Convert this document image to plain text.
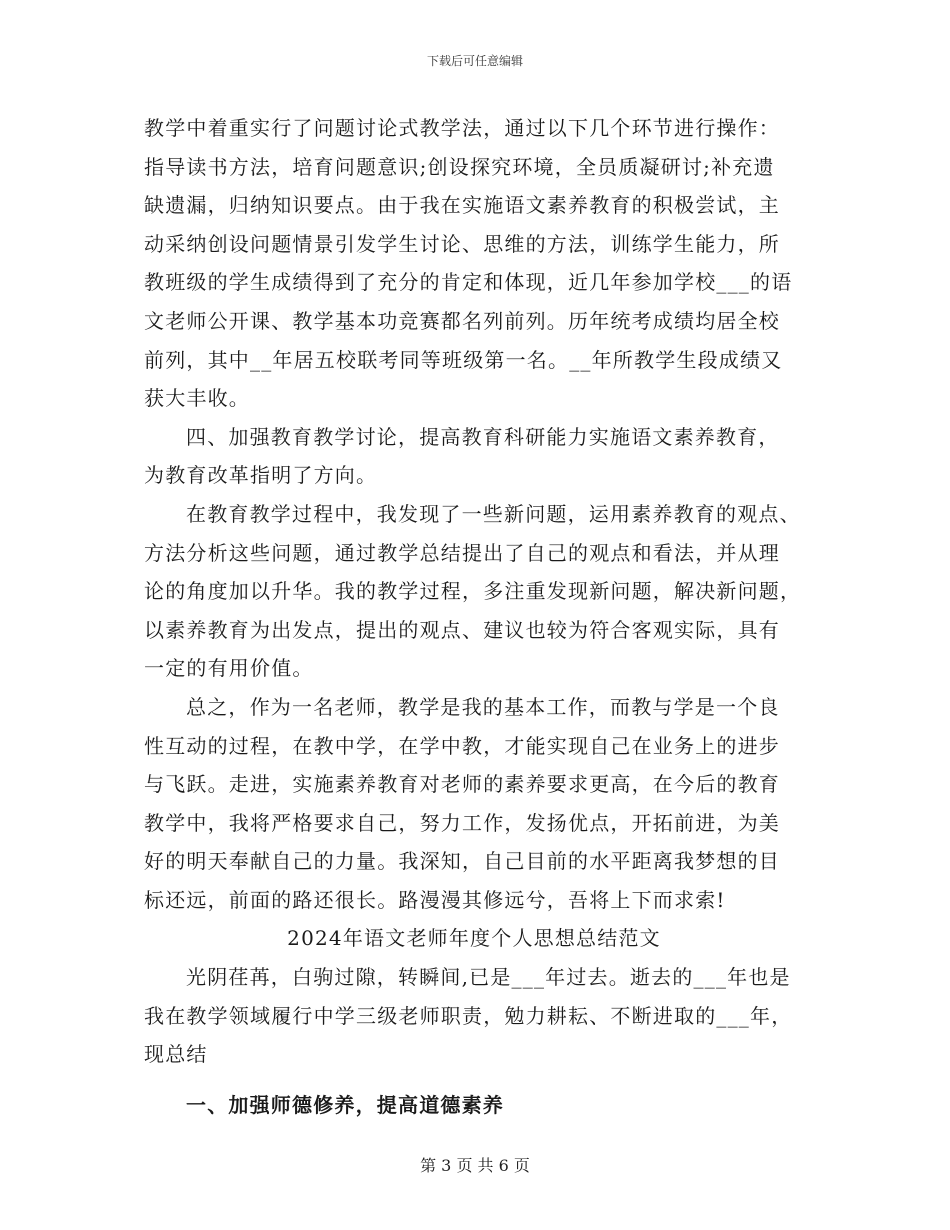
下载后可任意编辑
教学中着重实行了问题讨论式教学法，通过以下几个环节进行操作：
指导读书方法，培育问题意识;创设探究环境，全员质凝研讨;补充遗
缺遗漏，归纳知识要点。由于我在实施语文素养教育的积极尝试，主
动采纳创设问题情景引发学生讨论、思维的方法，训练学生能力，所
教班级的学生成绩得到了充分的肯定和体现，近几年参加学校___的语
文老师公开课、教学基本功竞赛都名列前列。历年统考成绩均居全校
前列，其中__年居五校联考同等班级第一名。__年所教学生段成绩又
获大丰收。
四、加强教育教学讨论，提高教育科研能力实施语文素养教育，
为教育改革指明了方向。
在教育教学过程中，我发现了一些新问题，运用素养教育的观点、
方法分析这些问题，通过教学总结提出了自己的观点和看法，并从理
论的角度加以升华。我的教学过程，多注重发现新问题，解决新问题，
以素养教育为出发点，提出的观点、建议也较为符合客观实际，具有
一定的有用价值。
总之，作为一名老师，教学是我的基本工作，而教与学是一个良
性互动的过程，在教中学，在学中教，才能实现自己在业务上的进步
与飞跃。走进，实施素养教育对老师的素养要求更高，在今后的教育
教学中，我将严格要求自己，努力工作，发扬优点，开拓前进，为美
好的明天奉献自己的力量。我深知，自己目前的水平距离我梦想的目
标还远，前面的路还很长。路漫漫其修远兮，吾将上下而求索!
2024年语文老师年度个人思想总结范文
光阴荏苒，白驹过隙，转瞬间,已是___年过去。逝去的___年也是
我在教学领域履行中学三级老师职责，勉力耕耘、不断进取的___年，
现总结
一、加强师德修养，提高道德素养
第 3 页 共 6 页
